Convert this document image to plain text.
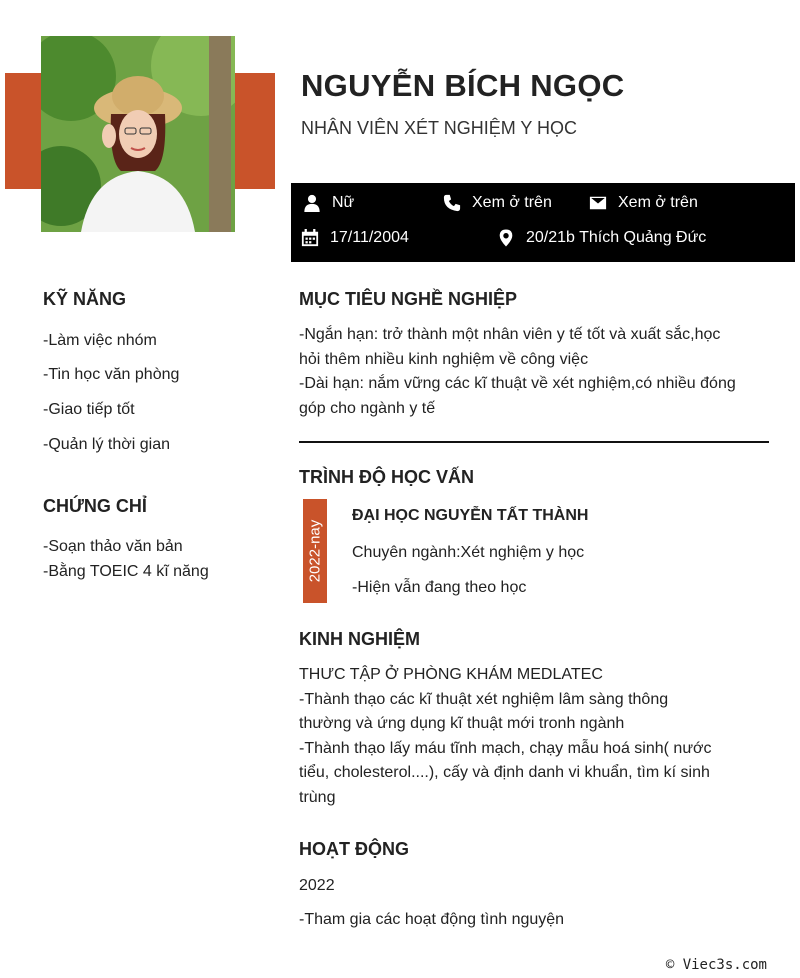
NGUYỄN BÍCH NGỌC
NHÂN VIÊN XÉT NGHIỆM Y HỌC
Nữ	Xem ở trên	Xem ở trên
17/11/2004	20/21b Thích Quảng Đức
KỸ NĂNG
-Làm việc nhóm
-Tin học văn phòng
-Giao tiếp tốt
-Quản lý thời gian
CHỨNG CHỈ
-Soạn thảo văn bản
-Bằng TOEIC 4 kĩ năng
MỤC TIÊU NGHỀ NGHIỆP
-Ngắn hạn: trở thành một nhân viên y tế tốt và xuất sắc,học
hỏi thêm nhiều kinh nghiệm về công việc
-Dài hạn: nắm vững các kĩ thuật về xét nghiệm,có nhiều đóng
góp cho ngành y tế
TRÌNH ĐỘ HỌC VẤN
2022-nay
ĐẠI HỌC NGUYỄN TẤT THÀNH
Chuyên ngành:Xét nghiệm y học
-Hiện vẫn đang theo học
KINH NGHIỆM
THƯC TẬP Ở PHÒNG KHÁM MEDLATEC
-Thành thạo các kĩ thuật xét nghiệm lâm sàng thông
thường và ứng dụng kĩ thuật mới tronh ngành
-Thành thạo lấy máu tĩnh mạch, chạy mẫu hoá sinh( nước
tiểu, cholesterol....), cấy và định danh vi khuẩn, tìm kí sinh
trùng
HOẠT ĐỘNG
2022
-Tham gia các hoạt động tình nguyện
© Viec3s.com
